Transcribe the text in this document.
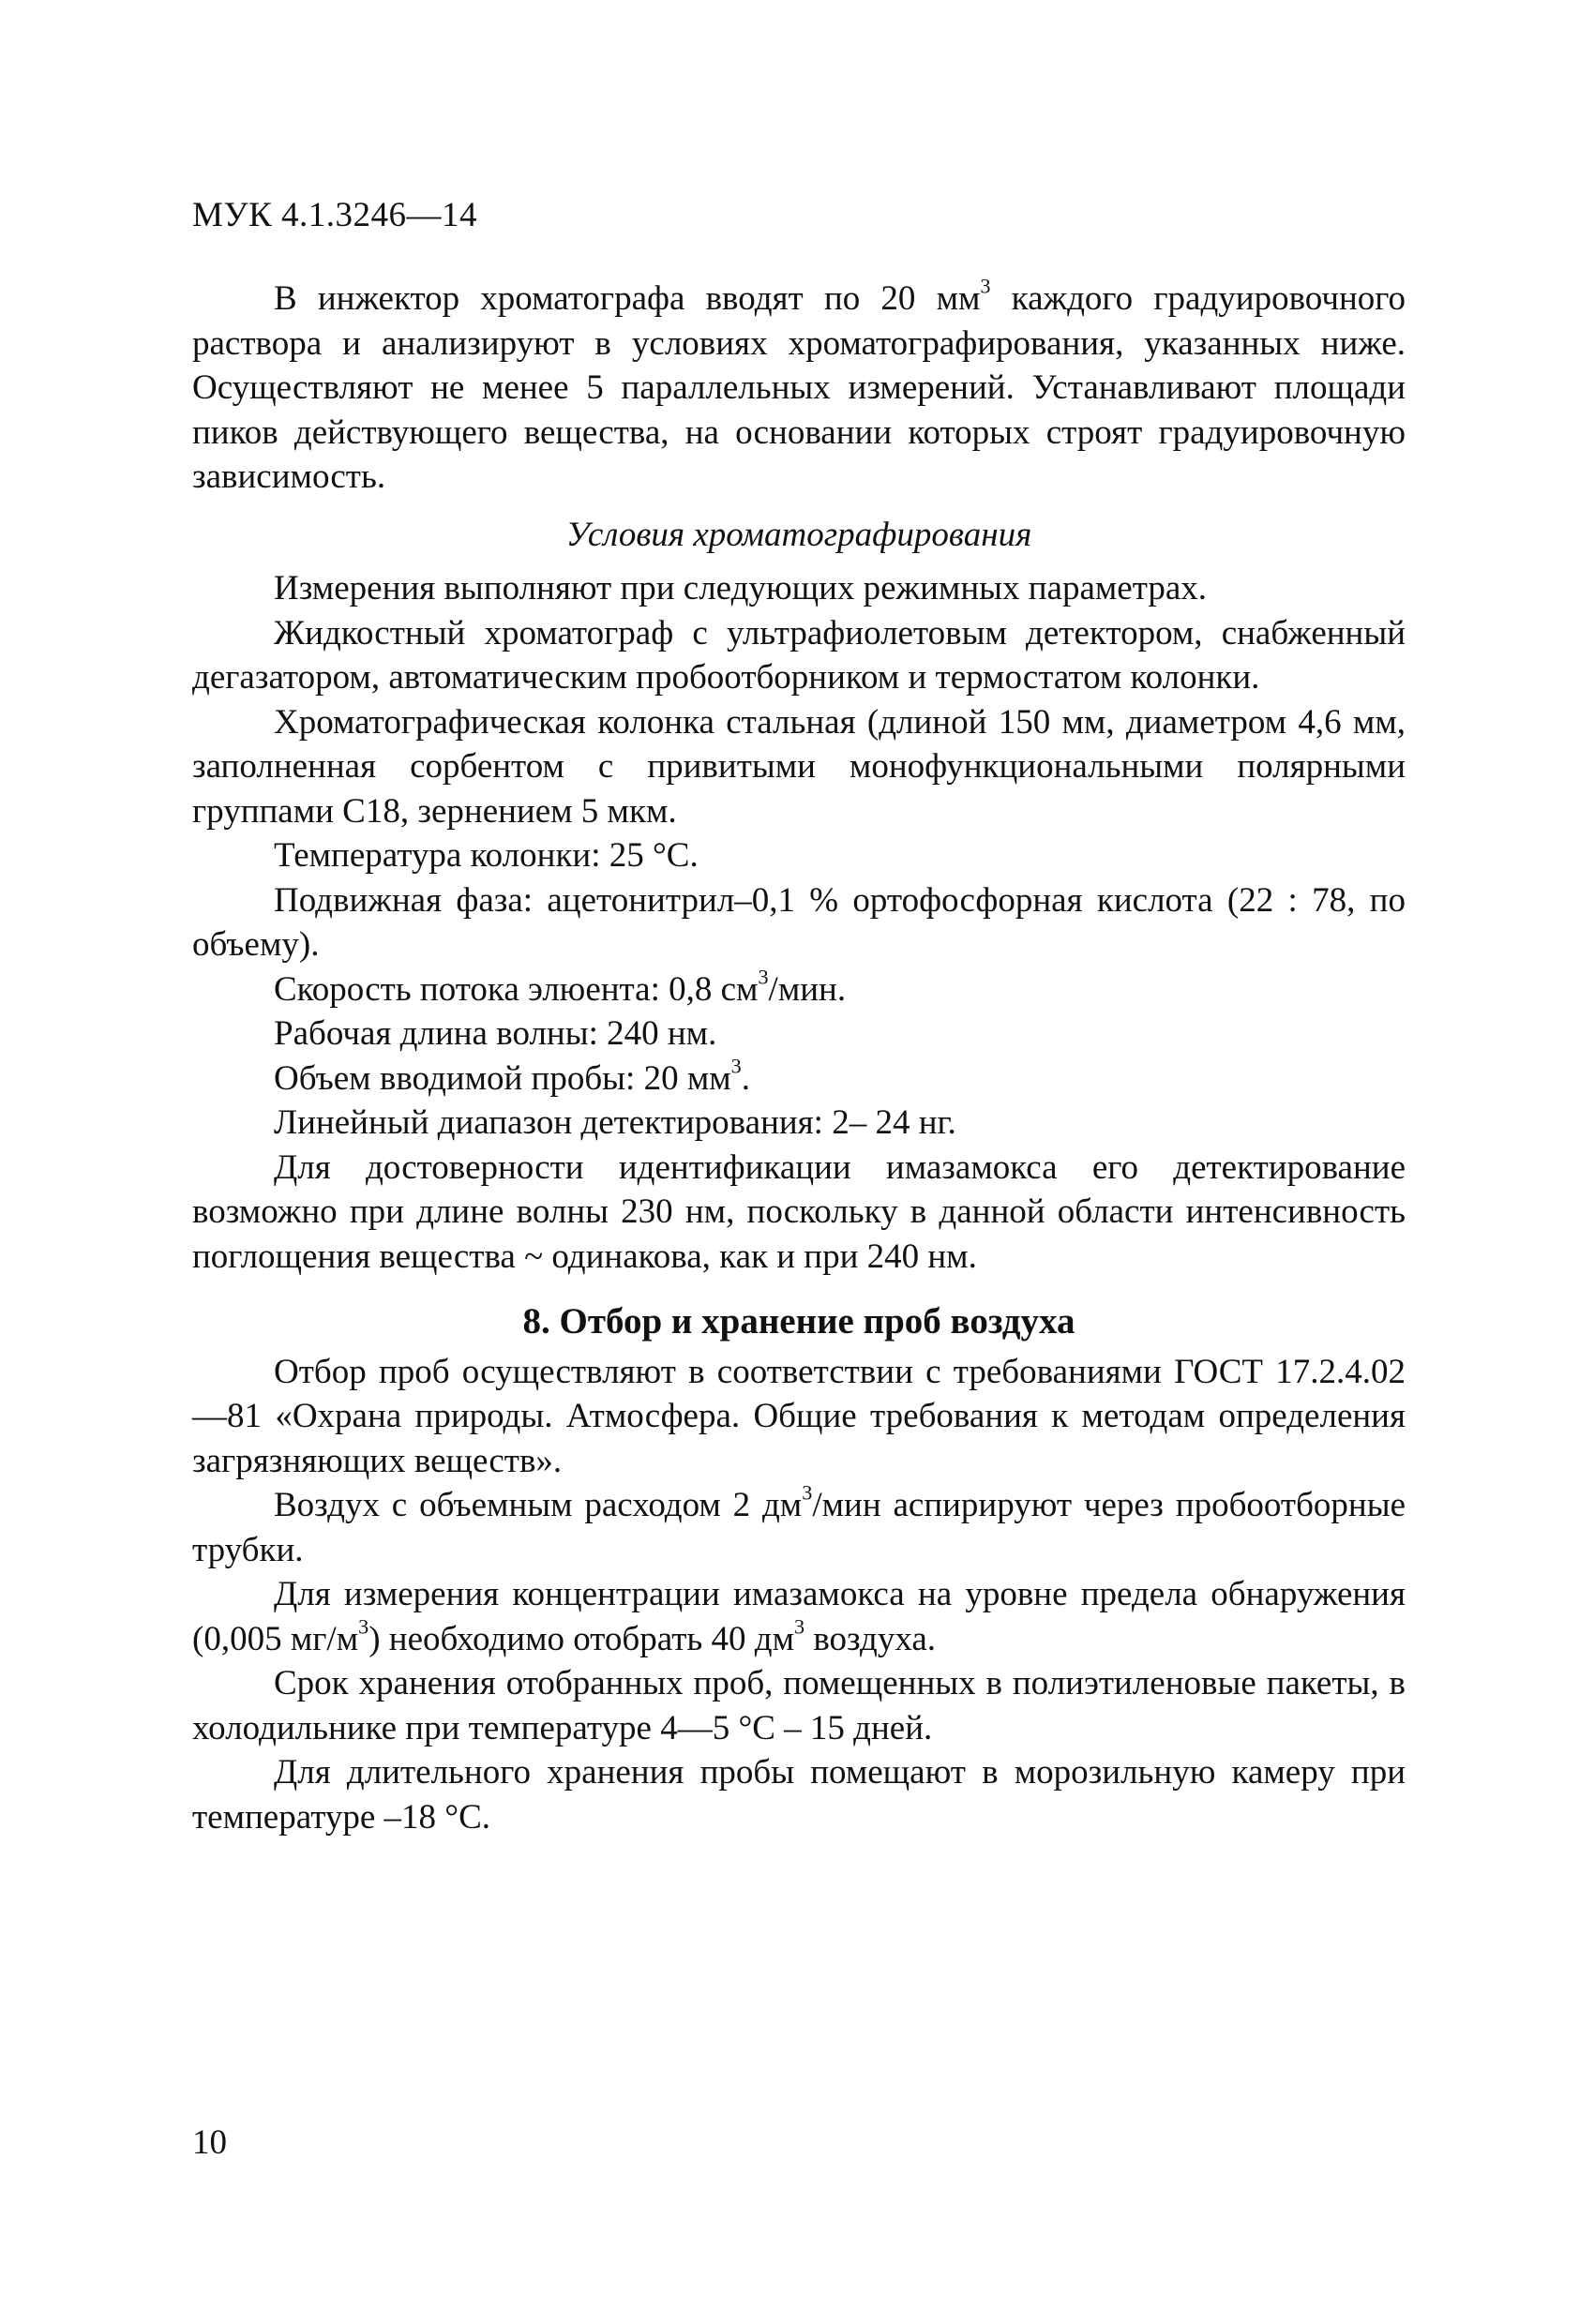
МУК 4.1.3246—14

В инжектор хроматографа вводят по 20 $мм^3$ каждого градуировочного раствора и анализируют в условиях хроматографирования, указанных ниже. Осуществляют не менее 5 параллельных измерений. Устанавливают площади пиков действующего вещества, на основании которых строят градуировочную зависимость.

Условия хроматографирования

Измерения выполняют при следующих режимных параметрах.

Жидкостный хроматограф с ультрафиолетовым детектором, снабженный дегазатором, автоматическим пробоотборником и термостатом колонки.

Хроматографическая колонка стальная (длиной 150 мм, диаметром 4,6 мм, заполненная сорбентом с привитыми монофункциональными полярными группами С18, зернением 5 мкм.

Температура колонки: 25 °С.

Подвижная фаза: ацетонитрил–0,1 % ортофосфорная кислота (22 : 78, по объему).

Скорость потока элюента: 0,8 $см^3$/мин.

Рабочая длина волны: 240 нм.

Объем вводимой пробы: 20 $мм^3$.

Линейный диапазон детектирования: 2– 24 нг.

Для достоверности идентификации имазамокса его детектирование возможно при длине волны 230 нм, поскольку в данной области интенсивность поглощения вещества ~ одинакова, как и при 240 нм.

8. Отбор и хранение проб воздуха

Отбор проб осуществляют в соответствии с требованиями ГОСТ 17.2.4.02—81 «Охрана природы. Атмосфера. Общие требования к методам определения загрязняющих веществ».

Воздух с объемным расходом 2 $дм^3$/мин аспирируют через пробоотборные трубки.

Для измерения концентрации имазамокса на уровне предела обнаружения (0,005 $мг/м^3$) необходимо отобрать 40 $дм^3$ воздуха.

Срок хранения отобранных проб, помещенных в полиэтиленовые пакеты, в холодильнике при температуре 4—5 °С – 15 дней.

Для длительного хранения пробы помещают в морозильную камеру при температуре –18 °С.

10
